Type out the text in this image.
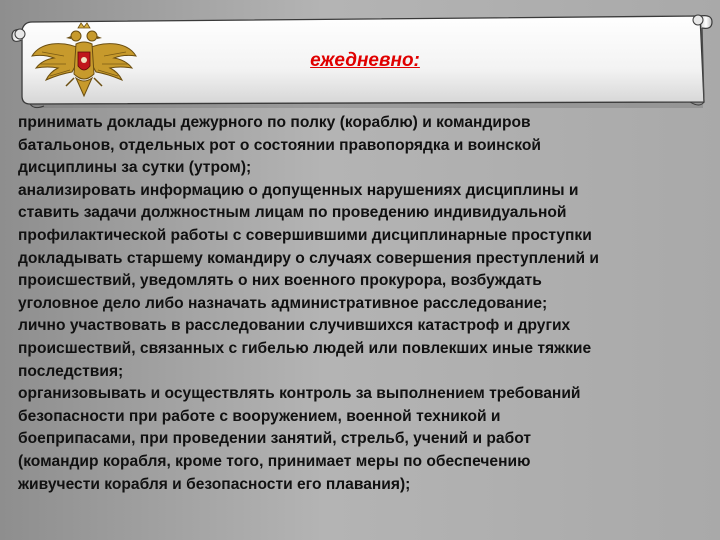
ежедневно:

принимать доклады дежурного по полку (кораблю) и командиров
батальонов, отдельных рот о состоянии правопорядка и воинской
дисциплины за сутки (утром);

анализировать информацию о допущенных нарушениях дисциплины и
ставить задачи должностным лицам по проведению индивидуальной
профилактической работы с совершившими дисциплинарные проступки

докладывать старшему командиру о случаях совершения преступлений и
происшествий, уведомлять о них военного прокурора, возбуждать
уголовное дело либо назначать административное расследование;

лично участвовать в расследовании случившихся катастроф и других
происшествий, связанных с гибелью людей или повлекших иные тяжкие
последствия;

организовывать и осуществлять контроль за выполнением требований
безопасности при работе с вооружением, военной техникой и
боеприпасами, при проведении занятий, стрельб, учений и работ
(командир корабля, кроме того, принимает меры по обеспечению
живучести корабля и безопасности его плавания);
